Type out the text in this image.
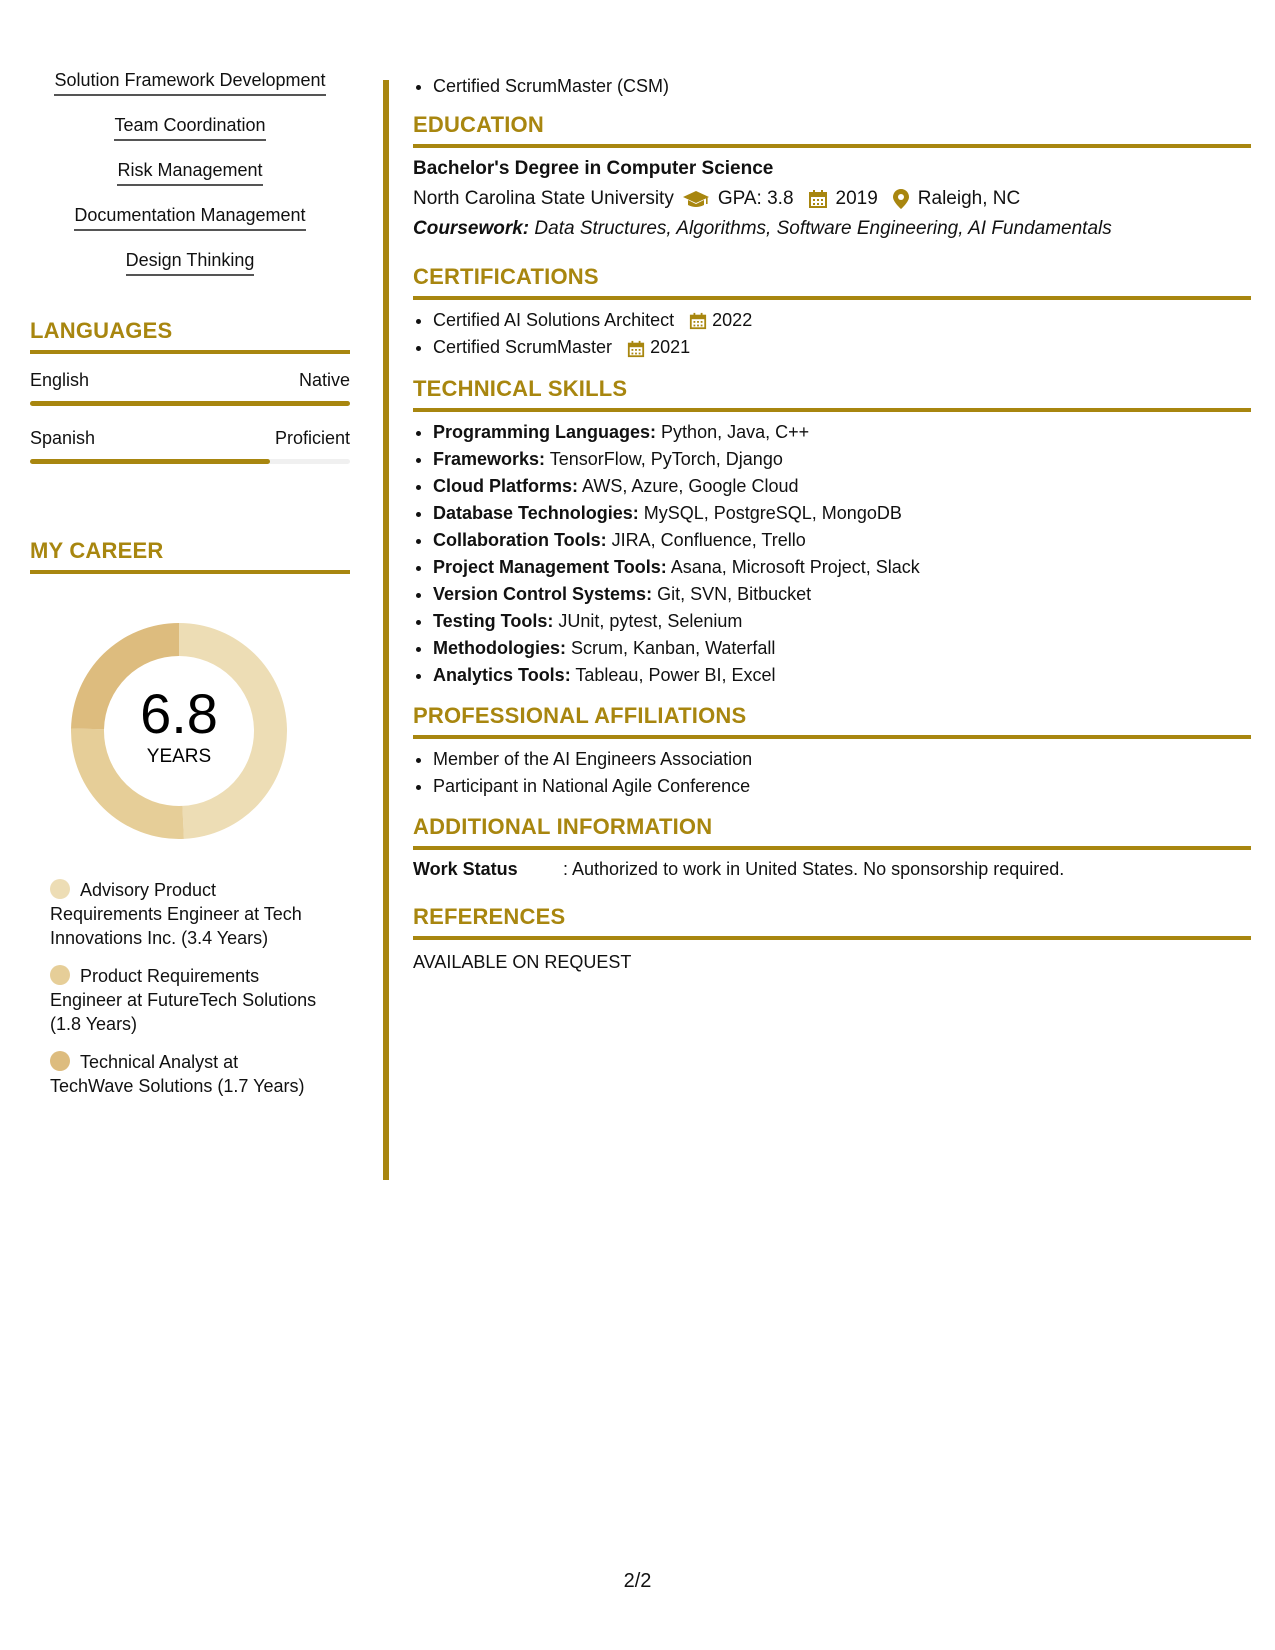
Solution Framework Development
Team Coordination
Risk Management
Documentation Management
Design Thinking
LANGUAGES
English	Native
Spanish	Proficient
MY CAREER
6.8
YEARS
Advisory Product Requirements Engineer at Tech Innovations Inc. (3.4 Years)
Product Requirements Engineer at FutureTech Solutions (1.8 Years)
Technical Analyst at TechWave Solutions (1.7 Years)
• Certified ScrumMaster (CSM)
EDUCATION
Bachelor's Degree in Computer Science
North Carolina State University GPA: 3.8 2019 Raleigh, NC
Coursework: Data Structures, Algorithms, Software Engineering, AI Fundamentals
CERTIFICATIONS
• Certified AI Solutions Architect 2022
• Certified ScrumMaster 2021
TECHNICAL SKILLS
• Programming Languages: Python, Java, C++
• Frameworks: TensorFlow, PyTorch, Django
• Cloud Platforms: AWS, Azure, Google Cloud
• Database Technologies: MySQL, PostgreSQL, MongoDB
• Collaboration Tools: JIRA, Confluence, Trello
• Project Management Tools: Asana, Microsoft Project, Slack
• Version Control Systems: Git, SVN, Bitbucket
• Testing Tools: JUnit, pytest, Selenium
• Methodologies: Scrum, Kanban, Waterfall
• Analytics Tools: Tableau, Power BI, Excel
PROFESSIONAL AFFILIATIONS
• Member of the AI Engineers Association
• Participant in National Agile Conference
ADDITIONAL INFORMATION
Work Status	: Authorized to work in United States. No sponsorship required.
REFERENCES
AVAILABLE ON REQUEST
2/2
